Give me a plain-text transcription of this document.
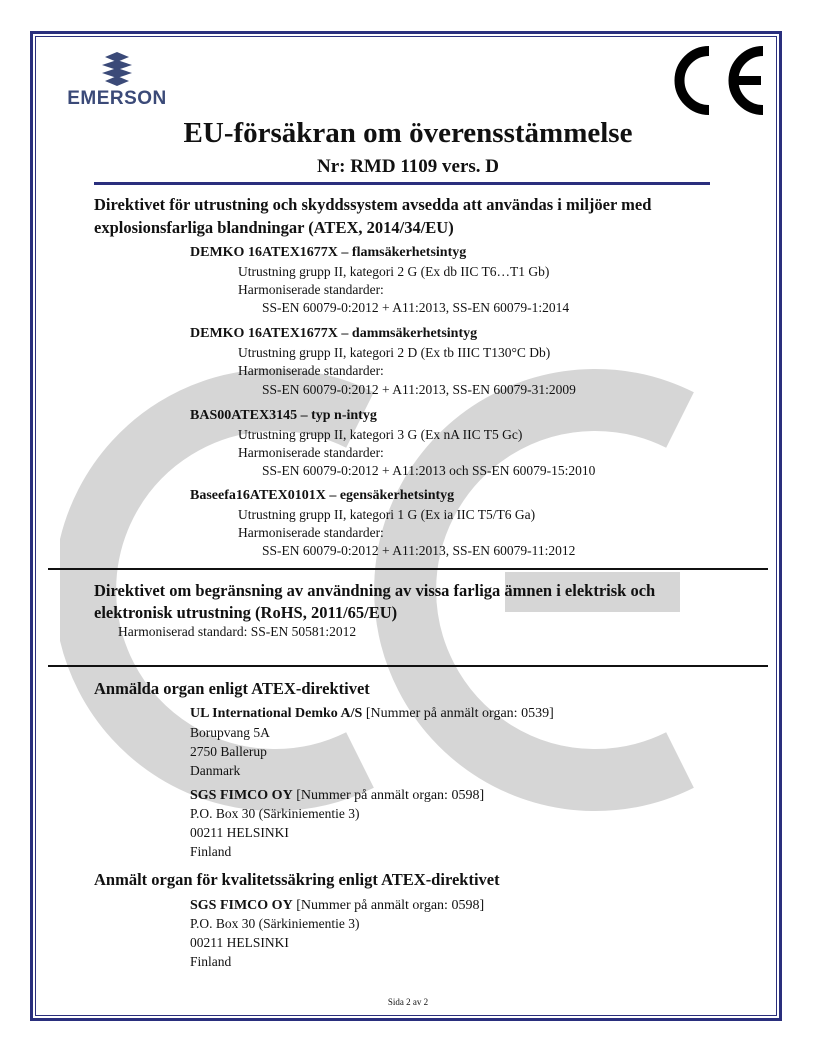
EMERSON
EU-försäkran om överensstämmelse
Nr: RMD 1109 vers. D
Direktivet för utrustning och skyddssystem avsedda att användas i miljöer med
explosionsfarliga blandningar (ATEX, 2014/34/EU)
DEMKO 16ATEX1677X – flamsäkerhetsintyg
Utrustning grupp II, kategori 2 G (Ex db IIC T6…T1 Gb)
Harmoniserade standarder:
SS-EN 60079-0:2012 + A11:2013, SS-EN 60079-1:2014
DEMKO 16ATEX1677X – dammsäkerhetsintyg
Utrustning grupp II, kategori 2 D (Ex tb IIIC T130°C Db)
Harmoniserade standarder:
SS-EN 60079-0:2012 + A11:2013, SS-EN 60079-31:2009
BAS00ATEX3145 – typ n-intyg
Utrustning grupp II, kategori 3 G (Ex nA IIC T5 Gc)
Harmoniserade standarder:
SS-EN 60079-0:2012 + A11:2013 och SS-EN 60079-15:2010
Baseefa16ATEX0101X – egensäkerhetsintyg
Utrustning grupp II, kategori 1 G (Ex ia IIC T5/T6 Ga)
Harmoniserade standarder:
SS-EN 60079-0:2012 + A11:2013, SS-EN 60079-11:2012
Direktivet om begränsning av användning av vissa farliga ämnen i elektrisk och
elektronisk utrustning (RoHS, 2011/65/EU)
Harmoniserad standard: SS-EN 50581:2012
Anmälda organ enligt ATEX-direktivet
UL International Demko A/S [Nummer på anmält organ: 0539]
Borupvang 5A
2750 Ballerup
Danmark
SGS FIMCO OY [Nummer på anmält organ: 0598]
P.O. Box 30 (Särkiniementie 3)
00211 HELSINKI
Finland
Anmält organ för kvalitetssäkring enligt ATEX-direktivet
SGS FIMCO OY [Nummer på anmält organ: 0598]
P.O. Box 30 (Särkiniementie 3)
00211 HELSINKI
Finland
Sida 2 av 2
